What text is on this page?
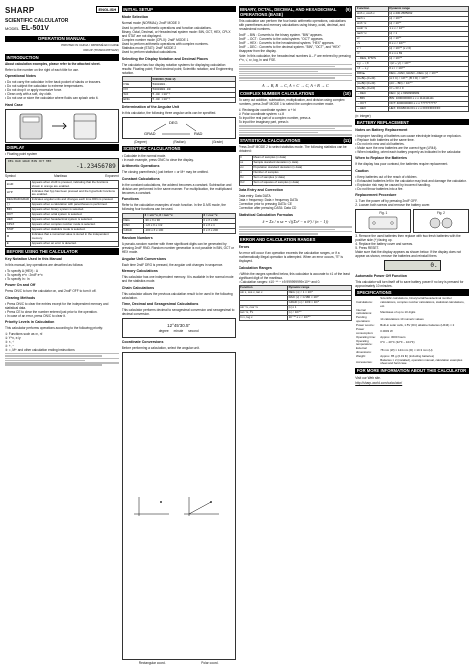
SHARP	ENGLISH
SCIENTIFIC CALCULATOR
MODEL EL-501V
OPERATION MANUAL
PRINTED IN CHINA / IMPRIMÉ EN CHINE
09KUP (TINSK0478THZZ)
INTRODUCTION

About calculation examples, please refer to the attached sheet.

Refer to the number on the right of each title for use.

Operational Notes
• Do not carry the calculator in the back pocket of slacks or trousers.
• Do not subject the calculator to extreme temperatures.
• Do not drop it or apply excessive force.
• Clean only with a soft, dry cloth.
• Do not use or store the calculator where fluids can splash onto it.
Hard Case
DISPLAY
• Floating point system
DEG RAD GRAD BIN OCT HEX
-1.23456789
Symbol	Mantissa	Exponent
2ndF	Appears when 2ndF is pressed, indicating that the functions shown in orange are enabled.
HYP	Indicates that hyp has been pressed and the hyperbolic functions are enabled.
DEG/RAD/GRAD	Indicates angular units and changes each time DRG is pressed.
( )	Appears when a calculation with parentheses is performed.
BIN	Appears when binary system is selected.
OCT	Appears when octal system is selected.
HEX	Appears when hexadecimal system is selected.
CPLX	Appears when complex number mode is selected.
STAT	Appears when statistics mode is selected.
M	Indicates that a numerical value is stored in the independent memory.
E	Appears when an error is detected.
BEFORE USING THE CALCULATOR
Key Notation Used in this Manual

In this manual, key operations are described as follows:

• To specify A (HEX) : A
• To specify e^x : 2ndF e^x
• To specify ln : ln
Power On and Off

Press ON/C to turn the calculator on, and 2ndF OFF to turn it off.

Clearing Methods
• Press ON/C to clear the entries except for the independent memory and statistical data.
• Press CE to clear the number entered just prior to the operation.
• In case of an error, press ON/C to clear it.
Priority Levels in Calculation

This calculator performs operations according to the following priority:

① Functions such as x², n!
② Y^x, x√y
③ ×, ÷
④ +, −
⑤ =, M+ and other calculation ending instructions
INITIAL SETUP
Mode Selection

Normal mode (NORMAL): 2ndF MODE 0

Used to perform arithmetic operations and function calculations.

Binary, Octal, Decimal, or Hexadecimal system mode: BIN, OCT, HEX, CPLX and STAT are not displayed.

Complex number mode (CPLX): 2ndF MODE 1

Used to perform arithmetic operations with complex numbers.

Statistics mode (STAT): 2ndF MODE 2

Used to perform statistical calculations.

Selecting the Display Notation and Decimal Places

The calculator has four display notation systems for displaying calculation results: Floating point; Fixed decimal point; Scientific notation; and Engineering notation.

	5000000 (TAB=2)
FSE	5000000.
FIX	5000000.00
SCI	5.00 ×10⁰⁶
ENG	5.00 ×10⁰⁶
Determination of the Angular Unit

In this calculator, the following three angular units can be specified.

DEG
GRAD	RAD
(Degree)	(Radian)	(Grade)
SCIENTIFIC CALCULATIONS
• Calculate in the normal mode.
• In each example, press ON/C to clear the display.
Arithmetic Operations

The closing parenthesis ) just before = or M+ may be omitted.

Constant Calculations

In the constant calculations, the addend becomes a constant. Subtraction and division are performed in the same manner. For multiplication, the multiplicand becomes a constant.

Functions

Refer to the calculation examples of each function. In the D.MS mode, the following four functions can be used.

	θ = sin⁻¹x, θ = tan⁻¹x	θ = cos⁻¹x
DEG	-90 ≤ θ ≤ 90	0 ≤ θ ≤ 180
RAD	-π/2 ≤ θ ≤ π/2	0 ≤ θ ≤ π
GRAD	-100 ≤ θ ≤ 100	0 ≤ θ ≤ 200
Random Numbers

A pseudo-random number with three significant digits can be generated by pressing 2ndF RND. Random number generation is not possible in BIN, OCT or HEX mode.

Angular Unit Conversions

Each time 2ndF DRG is pressed, the angular unit changes in sequence.

Memory Calculations

This calculator has one independent memory. It is available in the normal mode and the statistics mode.

Chain Calculations

This calculator allows the previous calculation result to be used in the following calculation.

Time, Decimal and Sexagesimal Calculations

This calculator performs decimal to sexagesimal conversion and sexagesimal to decimal conversion.

12°45'30.5"
degree minute second
Coordinate Conversions

Before performing a calculation, select the angular unit.

Rectangular coord.	Polar coord.
BINARY, OCTAL, DECIMAL, AND HEXADECIMAL OPERATIONS (BASE)
(9)

This calculator can perform the four basic arithmetic operations, calculations with parentheses and memory calculations using binary, octal, decimal, and hexadecimal numbers.

2ndF →BIN : Converts to the binary system. "BIN" appears.

2ndF →OCT : Converts to the octal system. "OCT" appears.

2ndF →HEX : Converts to the hexadecimal system. "HEX" appears.

2ndF →DEC : Converts to the decimal system. "BIN", "OCT", and "HEX" disappear from the display.

Note: In this calculator, the hexadecimal numbers A – F are entered by pressing Y^x, √, x², log, ln and FSE.

A → B, B → C, A × C → C, A ÷ B → C
COMPLEX NUMBER CALCULATIONS	(10)

To carry out addition, subtraction, multiplication, and division using complex numbers, press 2ndF MODE 1 to select the complex number mode.

① Rectangular coordinate system: a + bi

② Polar coordinate system: r∠θ

To input the real part of a complex number, press a.

To input the imaginary part, press b.

STATISTICAL CALCULATIONS	(11)

Press 2ndF MODE 2 to select statistics mode. The following statistics can be obtained:

x̄	Mean of samples (x data)
sx	Sample standard deviation (x data)
σx	Population standard deviation (x data)
n	Number of samples
Σx	Sum of samples (x data)
Σx²	Sum of squares of samples (x data)
Data Entry and Correction

Data entry: Data DATA

Data × frequency: Data × frequency DATA

Correction prior to pressing DATA: CE

Correction after pressing DATA: Data CD

Statistical Calculation Formulas
x̄ = Σx / n sx = √((Σx² − n x̄²) / (n − 1))
ERROR AND CALCULATION RANGES
Errors

An error will occur if an operation exceeds the calculation ranges, or if a mathematically illegal operation is attempted. When an error occurs, "E" is displayed.

Calculation Ranges
• Within the ranges specified below, this calculator is accurate to ±1 of the least significant digit of the mantissa.
• Calculation ranges: ±10⁻⁹⁹ ~ ±9.999999999×10⁹⁹ and 0.
Function	Dynamic range
sin x, cos x, tan x	DEG: |x| < 1 × 10¹⁰
	RAD: |x| < π/180 × 10¹⁰
	GRAD: |x| < 10/9 × 10¹⁰
sin⁻¹x, cos⁻¹x	|x| ≤ 1
tan⁻¹x, ∛x	|x| < 10¹⁰⁰
ln x, log x	10⁻⁹⁹ ≤ x < 10¹⁰⁰
Function	Dynamic range
sinh x, cosh x	|x| ≤ 230.2585092
tanh x	|x| < 10¹⁰⁰
sinh⁻¹x	|x| < 10⁵⁰
cosh⁻¹x	1 ≤ x < 10⁵⁰
tanh⁻¹x	|x| < 1
x²	|x| < 10⁵⁰
√x	0 ≤ x < 10¹⁰⁰
x⁻¹	|x| < 10¹⁰⁰ (x ≠ 0)
n!	0 ≤ n ≤ 69
→DEG, D°M'S	|x| < 10¹⁰⁰
x,y → r,θ	√(x² + y²) < 10¹⁰⁰
r,θ → x,y	0 ≤ r < 10¹⁰⁰
DRG▸	DEG→RAD, GRAD→DEG: |x| < 10¹⁰⁰
(A+Bi)+(C+Di)	|A ± C| < 10¹⁰⁰, |B ± D| < 10¹⁰⁰
(A+Bi)×(C+Di)	(AC − BD) < 10¹⁰⁰
(A+Bi)÷(C+Di)	C² + D² ≠ 0
→DEC	DEC: |x| ≤ 9999999999
→BIN	BIN: 1000000000 ≤ x ≤ 1111111111
→OCT	OCT: 4000000000 ≤ x ≤ 7777777777
→HEX	HEX: FDABF41C01 ≤ x ≤ FFFFFFFFFF

(n: integer)

BATTERY REPLACEMENT
Notes on Battery Replacement
• Improper handling of batteries can cause electrolyte leakage or explosion.
• Replace both batteries at the same time.
• Do not mix new and old batteries.
• Make sure the new batteries are the correct type (LR44).
• When installing, orient each battery properly as indicated in the calculator.
When to Replace the Batteries

If the display has poor contrast, the batteries require replacement.

Caution
• Keep batteries out of the reach of children.
• Exhausted batteries left in the calculator may leak and damage the calculator.
• Explosion risk may be caused by incorrect handling.
• Do not throw batteries into a fire.
Replacement Procedure

1. Turn the power off by pressing 2ndF OFF.

2. Loosen both screws and remove the battery cover.

Fig. 1	Fig. 2

3. Remove the used batteries then replace with two fresh batteries with the positive side (+) facing up.

4. Replace the battery cover and screws.

5. Press RESET.

Make sure that the display appears as shown below. If the display does not appear as shown, remove the batteries and reinstall them.

0.
Automatic Power Off Function

This calculator will turn itself off to save battery power if no key is pressed for approximately 10 minutes.

SPECIFICATIONS
Calculations:	Scientific calculations, binary/octal/hexadecimal number calculations, complex number calculations, statistical calculations, etc.
Internal calculations:	Mantissas of up to 10 digits
Pending operations:	14 calculations 10 numeric values
Power source:	Built-in solar cells, 1.5V (DC) alkaline batteries (LR44) × 2
Power consumption:	0.0003 W
Operating time:	Approx. 3000 hours
Operating temperature:	0°C – 40°C (32°F – 104°F)
External dimensions:	78 mm (W) × 144 mm (D) × 10.3 mm (H)
Weight:	Approx. 85 g (0.19 lb) (including batteries)
Accessories:	Batteries × 2 (installed), operation manual, calculation examples sheet and hard case
FOR MORE INFORMATION ABOUT THIS CALCULATOR

Visit our Web site.

http://sharp-world.com/calculator/
